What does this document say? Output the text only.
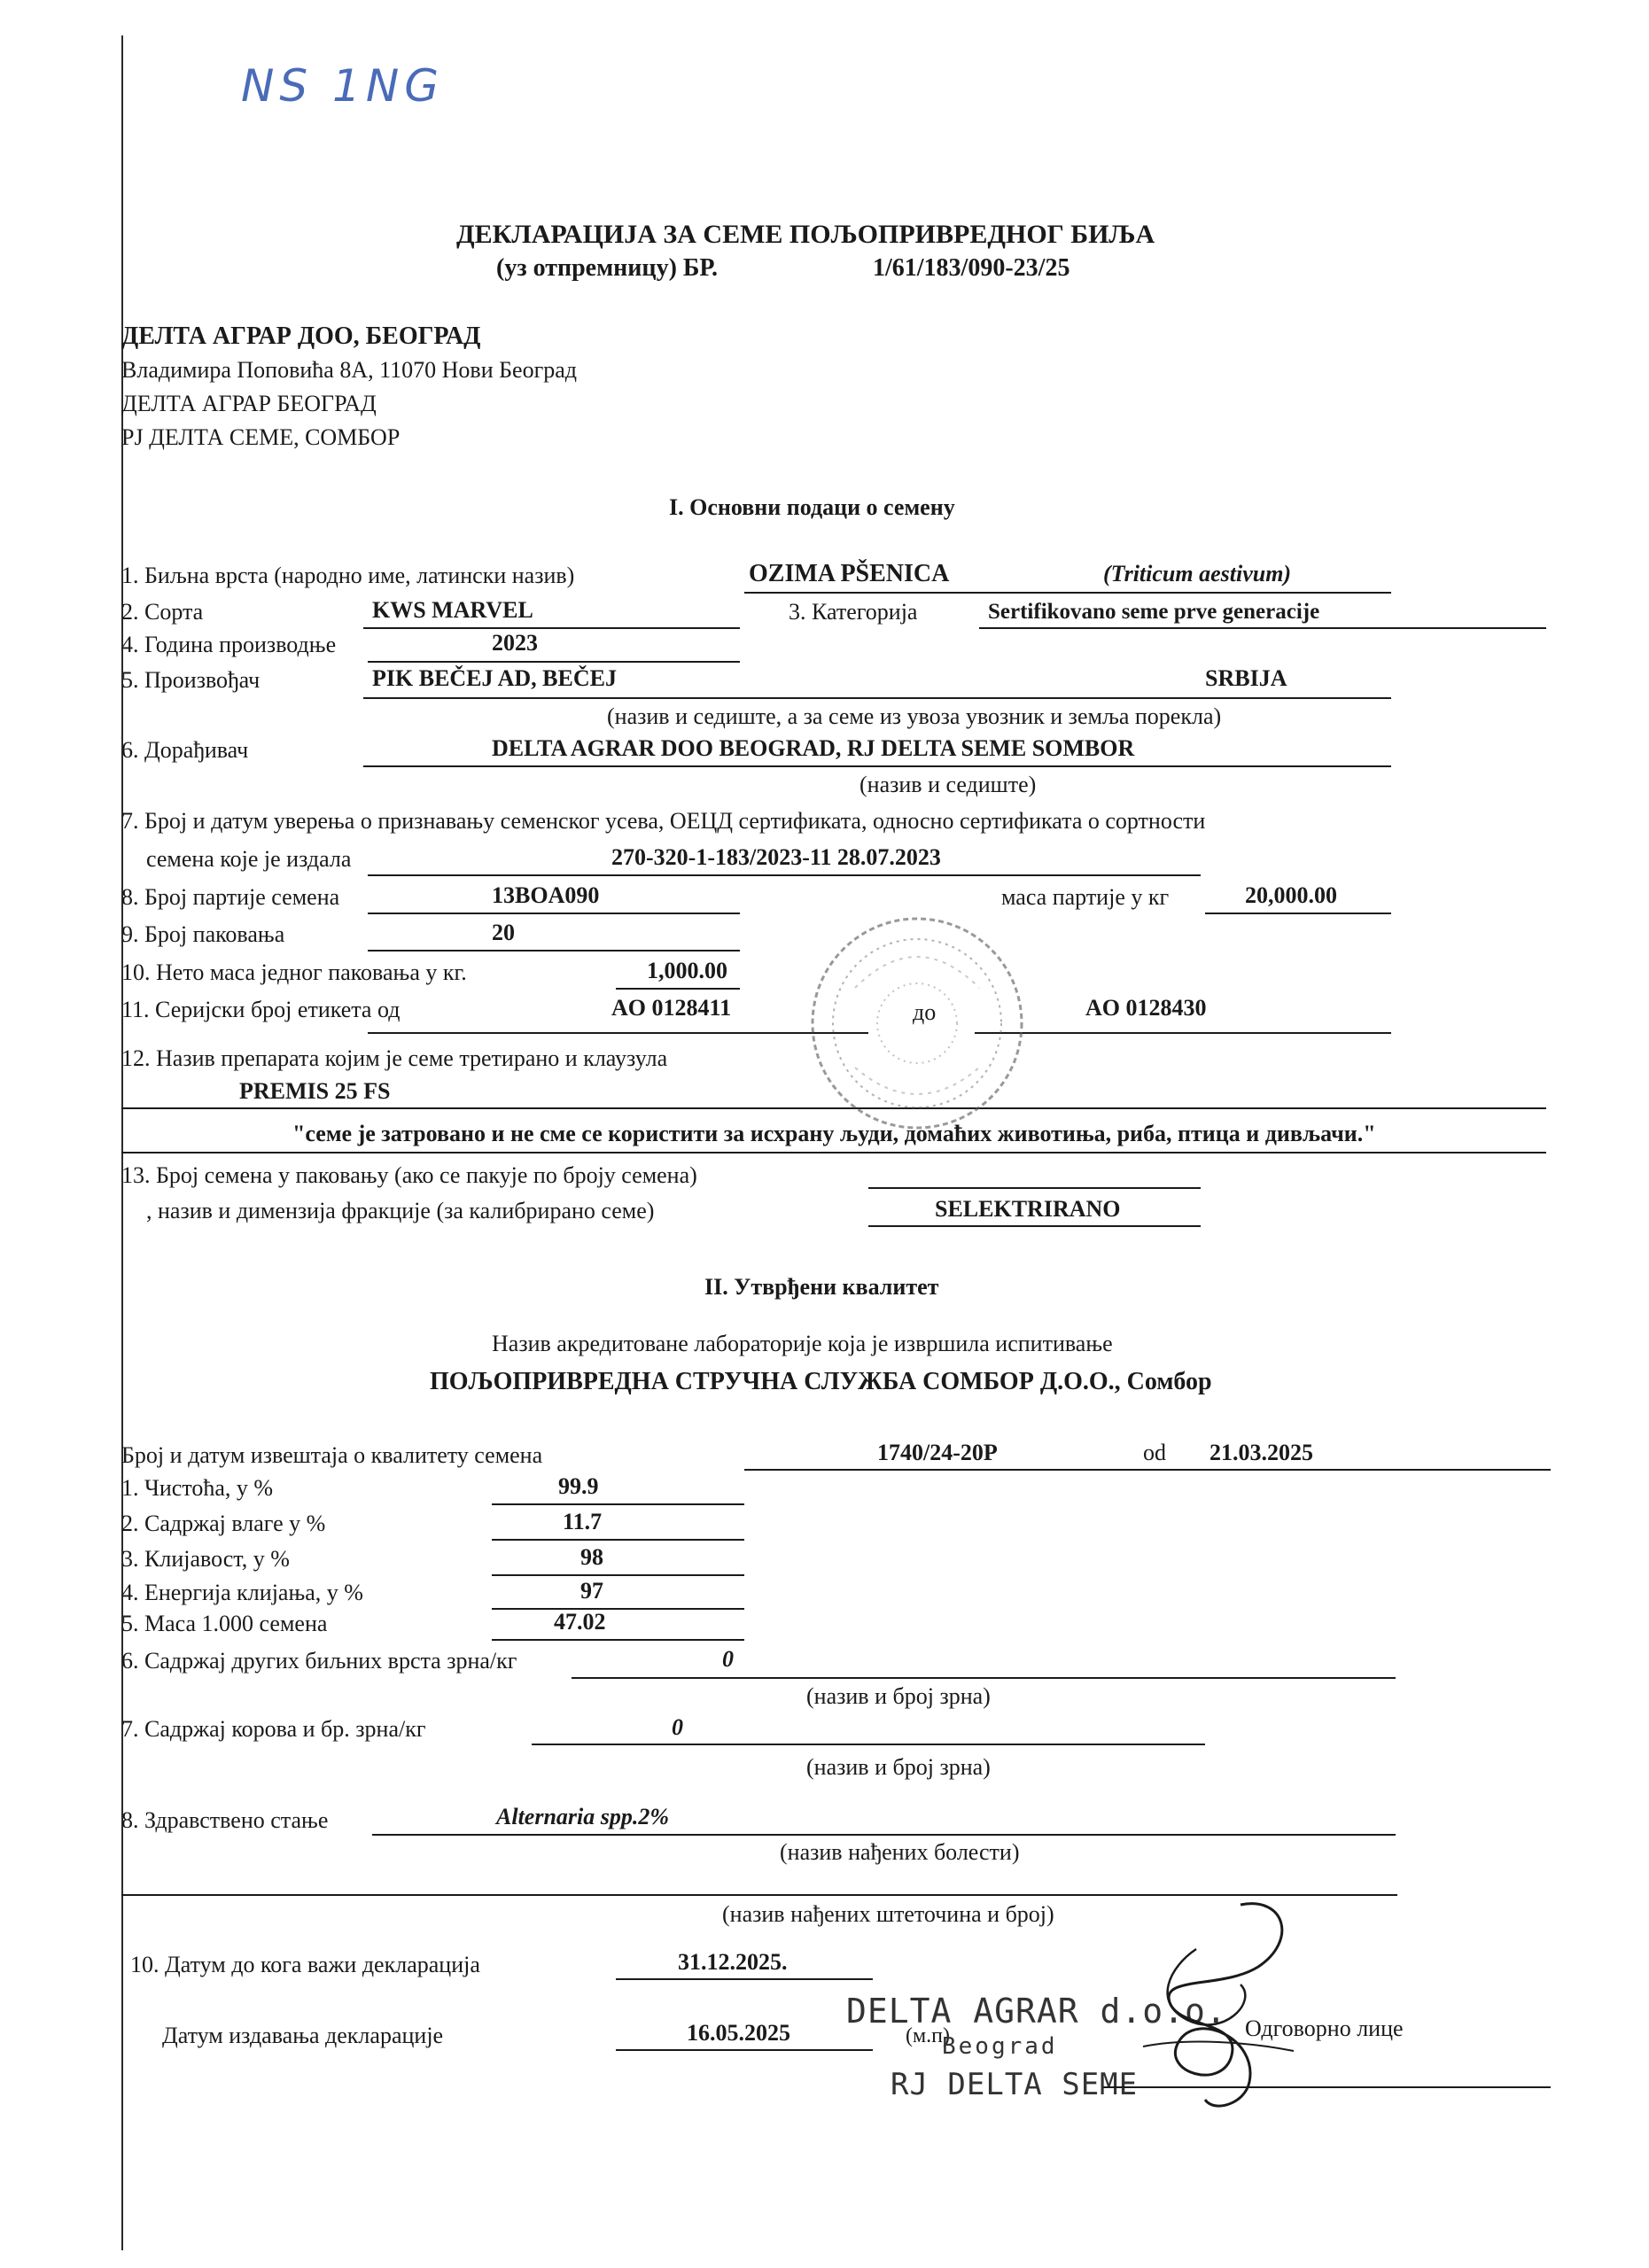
NS 1NG
ДЕКЛАРАЦИЈА ЗА СЕМЕ ПОЉОПРИВРЕДНОГ БИЉА
(уз отпремницу) БР.	1/61/183/090-23/25
ДЕЛТА АГРАР ДОО, БЕОГРАД
Владимира Поповића 8А, 11070 Нови Београд
ДЕЛТА АГРАР БЕОГРАД
РЈ ДЕЛТА СЕМЕ, СОМБОР
I. Основни подаци о семену
1. Биљна врста (народно име, латински назив)	OZIMA PŠENICA	(Triticum aestivum)
2. Сорта	KWS MARVEL	3. Категорија	Sertifikovano seme prve generacije
4. Година производње	2023
5. Произвођач	PIK BEČEJ AD, BEČEJ	SRBIJA
(назив и седиште, а за семе из увоза увозник и земља порекла)
6. Дорађивач	DELTA AGRAR DOO BEOGRAD, RJ DELTA SEME SOMBOR
(назив и седиште)
7. Број и датум уверења о признавању семенског усева, ОЕЦД сертификата, односно сертификата о сортности
семена које је издала	270-320-1-183/2023-11 28.07.2023
8. Број партије семена	13BOA090	маса партије у кг	20,000.00
9. Број паковања	20
10. Нето маса једног паковања у кг.	1,000.00
11. Серијски број етикета од	AO 0128411	до	AO 0128430
12. Назив препарата којим је семе третирано и клаузула
PREMIS 25 FS
"семе је затровано и не сме се користити за исхрану људи, домаћих животиња, риба, птица и дивљачи."
13. Број семена у паковању (ако се пакује по броју семена)
, назив и димензија фракције (за калибрирано семе)	SELEKTRIRANO
II. Утврђени квалитет
Назив акредитоване лабораторије која је извршила испитивање
ПОЉОПРИВРЕДНА СТРУЧНА СЛУЖБА СОМБОР Д.О.О., Сомбор
Број и датум извештаја о квалитету семена	1740/24-20P	od 21.03.2025
1. Чистоћа, у %	99.9
2. Садржај влаге у %	11.7
3. Клијавост, у %	98
4. Енергија клијања, у %	97
5. Маса 1.000 семена	47.02
6. Садржај других биљних врста зрна/кг	0
(назив и број зрна)
7. Садржај корова и бр. зрна/кг	0
(назив и број зрна)
8. Здравствено стање	Alternaria spp.2%
(назив нађених болести)
(назив нађених штеточина и број)
10. Датум до кога важи декларација	31.12.2025.
Датум издавања декларације	16.05.2025
DELTA AGRAR d.o.o.
(м.п)
Beograd
RJ DELTA SEME
Одговорно лице
